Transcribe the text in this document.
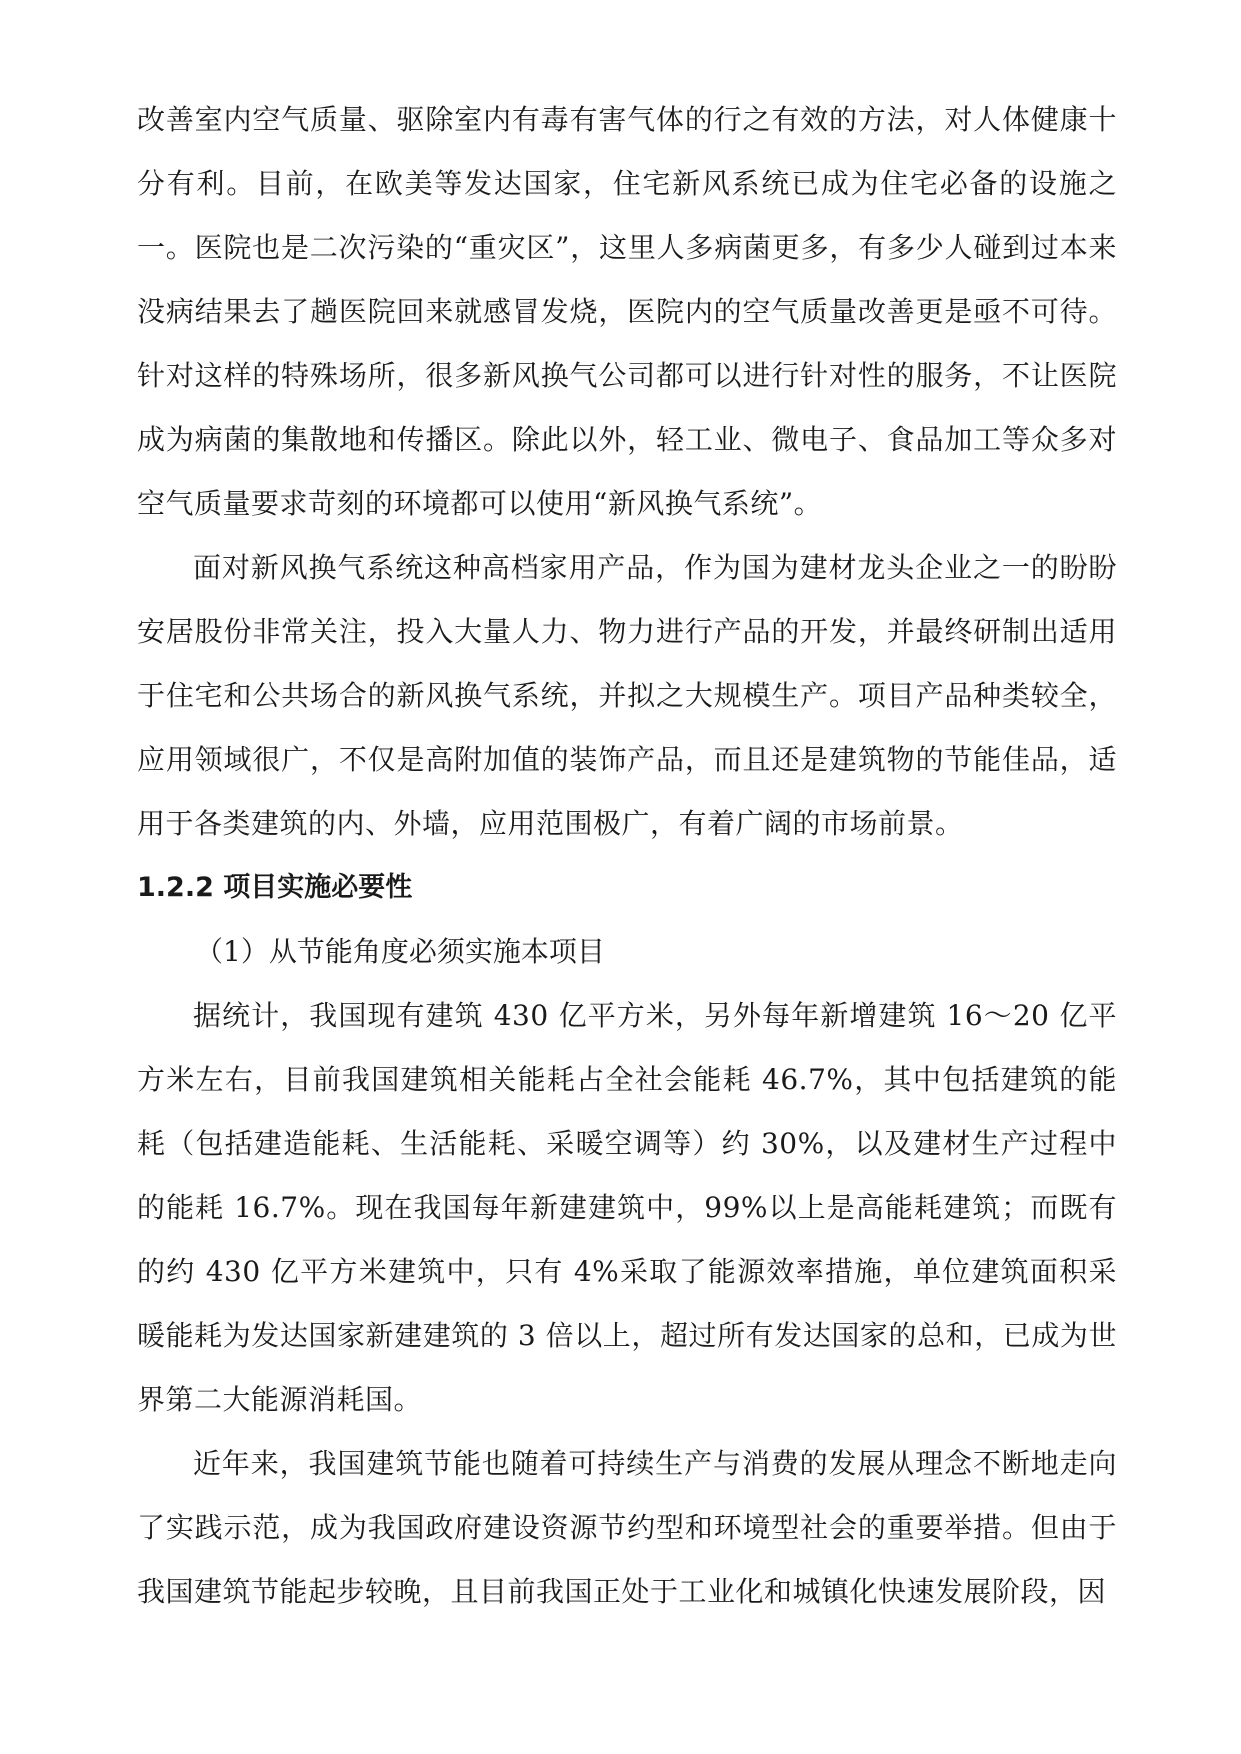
改善室内空气质量、驱除室内有毒有害气体的行之有效的方法，对人体健康十分有利。目前，在欧美等发达国家，住宅新风系统已成为住宅必备的设施之一。医院也是二次污染的“重灾区”，这里人多病菌更多，有多少人碰到过本来没病结果去了趟医院回来就感冒发烧，医院内的空气质量改善更是亟不可待。针对这样的特殊场所，很多新风换气公司都可以进行针对性的服务，不让医院成为病菌的集散地和传播区。除此以外，轻工业、微电子、食品加工等众多对空气质量要求苛刻的环境都可以使用“新风换气系统”。

面对新风换气系统这种高档家用产品，作为国为建材龙头企业之一的盼盼安居股份非常关注，投入大量人力、物力进行产品的开发，并最终研制出适用于住宅和公共场合的新风换气系统，并拟之大规模生产。项目产品种类较全，应用领域很广，不仅是高附加值的装饰产品，而且还是建筑物的节能佳品，适用于各类建筑的内、外墙，应用范围极广，有着广阔的市场前景。

1.2.2 项目实施必要性

（1）从节能角度必须实施本项目

据统计，我国现有建筑 430 亿平方米，另外每年新增建筑 16～20 亿平方米左右，目前我国建筑相关能耗占全社会能耗 46.7%，其中包括建筑的能耗（包括建造能耗、生活能耗、采暖空调等）约 30%，以及建材生产过程中的能耗 16.7%。现在我国每年新建建筑中，99%以上是高能耗建筑；而既有的约 430 亿平方米建筑中，只有 4%采取了能源效率措施，单位建筑面积采暖能耗为发达国家新建建筑的 3 倍以上，超过所有发达国家的总和，已成为世界第二大能源消耗国。

近年来，我国建筑节能也随着可持续生产与消费的发展从理念不断地走向了实践示范，成为我国政府建设资源节约型和环境型社会的重要举措。但由于我国建筑节能起步较晚，且目前我国正处于工业化和城镇化快速发展阶段，因
